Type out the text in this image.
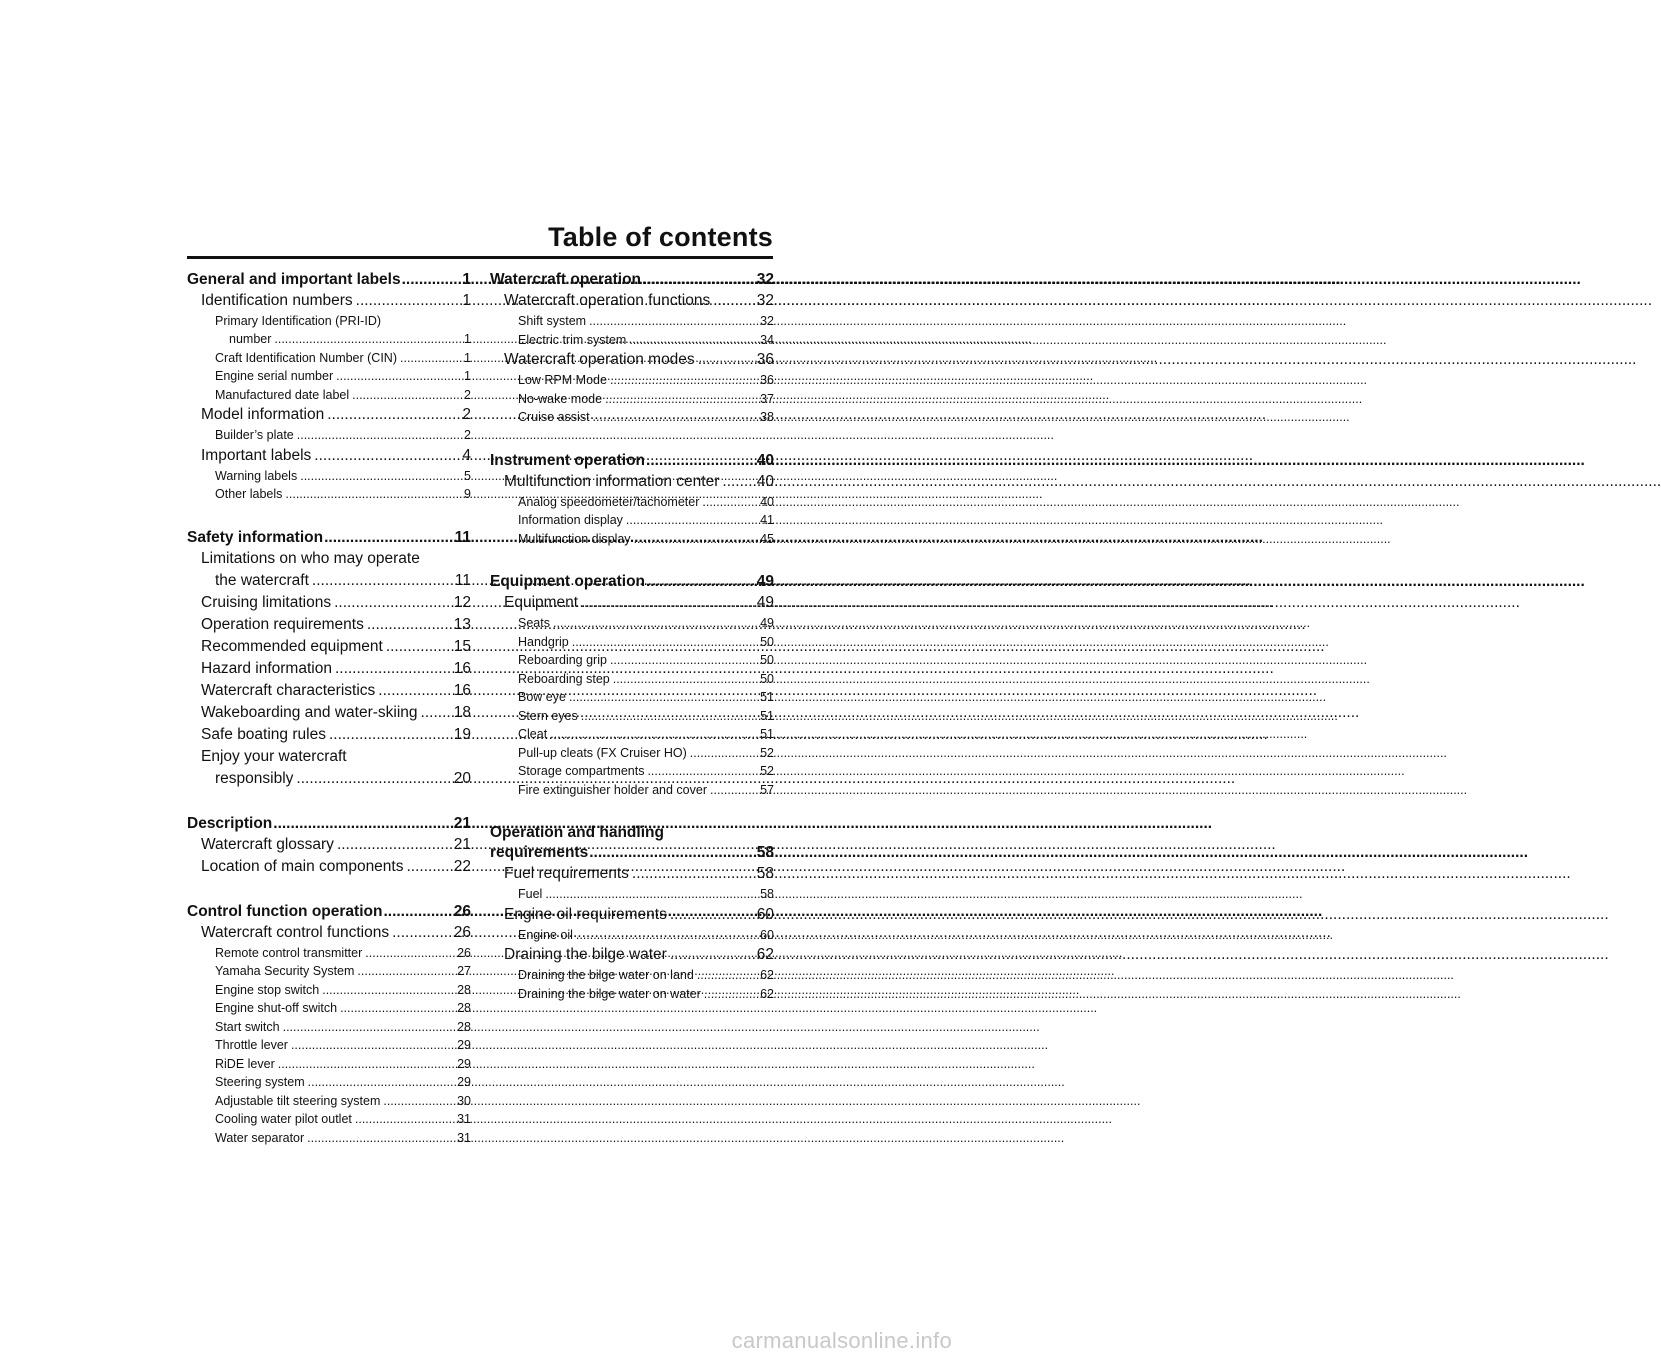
Table of contents
General and important labels .....	1
Identification numbers .....	1
Primary Identification (PRI-ID)
number .....	1
Craft Identification Number (CIN) .....	1
Engine serial number .....	1
Manufactured date label .....	2
Model information .....	2
Builder’s plate .....	2
Important labels .....	4
Warning labels .....	5
Other labels .....	9
Safety information .....	11
Limitations on who may operate
the watercraft .....	11
Cruising limitations .....	12
Operation requirements .....	13
Recommended equipment .....	15
Hazard information .....	16
Watercraft characteristics .....	16
Wakeboarding and water-skiing ..... 18
Safe boating rules .....	19
Enjoy your watercraft
responsibly .....	20
Description .....	21
Watercraft glossary .....	21
Location of main components .....	22
Control function operation .....	26
Watercraft control functions .....	26
Remote control transmitter .....	26
Yamaha Security System .....	27
Engine stop switch .....	28
Engine shut-off switch .....	28
Start switch .....	28
Throttle lever .....	29
RiDE lever .....	29
Steering system .....	29
Adjustable tilt steering system .....	30
Cooling water pilot outlet .....	31
Water separator .....	31
Watercraft operation .....	32
Watercraft operation functions .....	32
Shift system .....	32
Electric trim system .....	34
Watercraft operation modes .....	36
Low RPM Mode .....	36
No-wake mode .....	37
Cruise assist .....	38
Instrument operation .....	40
Multifunction information center ..... 40
Analog speedometer/tachometer .....	40
Information display .....	41
Multifunction display .....	45
Equipment operation .....	49
Equipment .....	49
Seats .....	49
Handgrip .....	50
Reboarding grip .....	50
Reboarding step .....	50
Bow eye .....	51
Stern eyes .....	51
Cleat .....	51
Pull-up cleats (FX Cruiser HO) .....	52
Storage compartments .....	52
Fire extinguisher holder and cover .....	57
Operation and handling
requirements .....	58
Fuel requirements .....	58
Fuel .....	58
Engine oil requirements .....	60
Engine oil .....	60
Draining the bilge water .....	62
Draining the bilge water on land .....	62
Draining the bilge water on water .....	62
carmanualsonline.info
